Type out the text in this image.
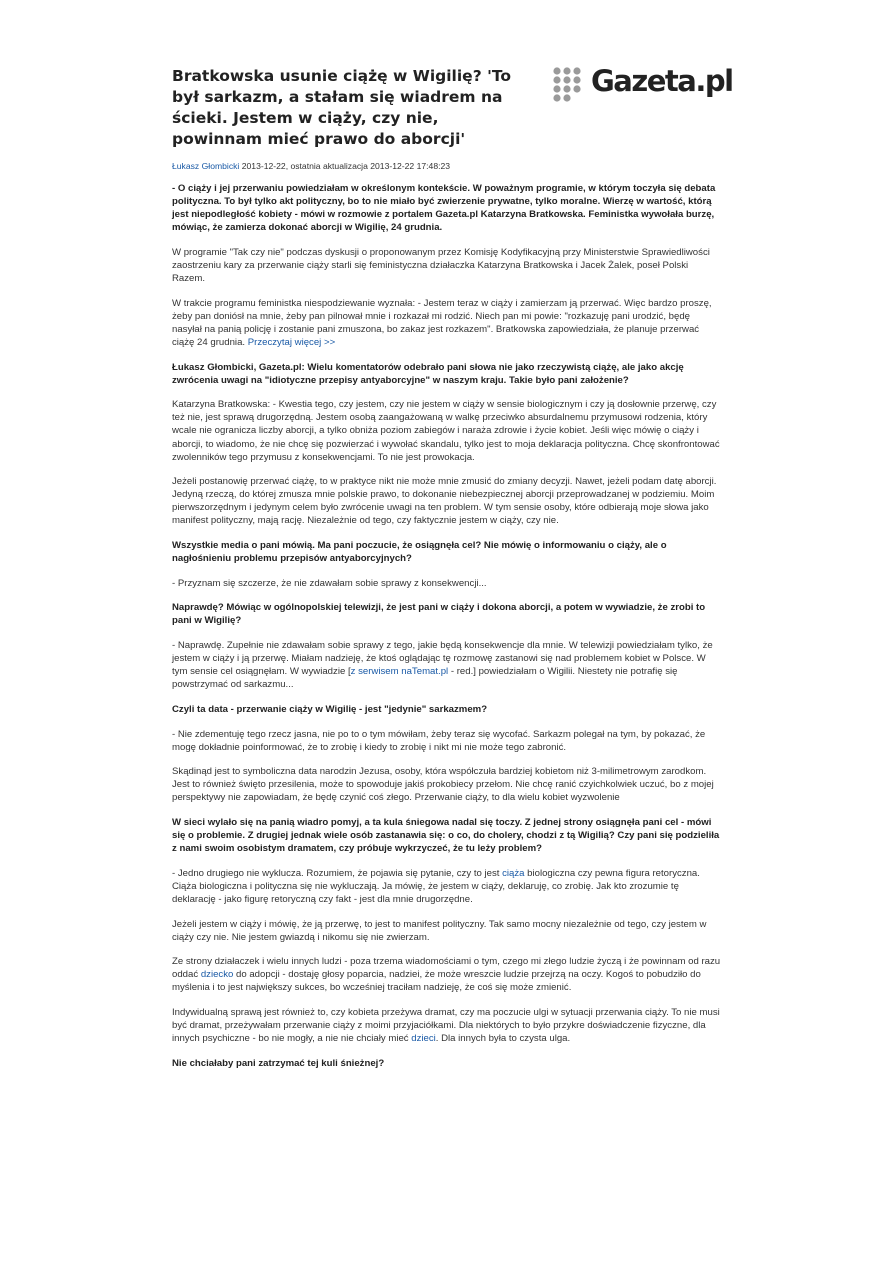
Bratkowska usunie ciążę w Wigilię? 'To był sarkazm, a stałam się wiadrem na ścieki. Jestem w ciąży, czy nie, powinnam mieć prawo do aborcji'
Gazeta.pl
Łukasz Głombicki 2013-12-22, ostatnia aktualizacja 2013-12-22 17:48:23

- O ciąży i jej przerwaniu powiedziałam w określonym kontekście. W poważnym programie, w którym toczyła się debata polityczna. To był tylko akt polityczny, bo to nie miało być zwierzenie prywatne, tylko moralne. Wierzę w wartość, którą jest niepodległość kobiety - mówi w rozmowie z portalem Gazeta.pl Katarzyna Bratkowska. Feministka wywołała burzę, mówiąc, że zamierza dokonać aborcji w Wigilię, 24 grudnia.

W programie "Tak czy nie" podczas dyskusji o proponowanym przez Komisję Kodyfikacyjną przy Ministerstwie Sprawiedliwości zaostrzeniu kary za przerwanie ciąży starli się feministyczna działaczka Katarzyna Bratkowska i Jacek Żalek, poseł Polski Razem.

W trakcie programu feministka niespodziewanie wyznała: - Jestem teraz w ciąży i zamierzam ją przerwać. Więc bardzo proszę, żeby pan doniósł na mnie, żeby pan pilnował mnie i rozkazał mi rodzić. Niech pan mi powie: "rozkazuję pani urodzić, będę nasyłał na panią policję i zostanie pani zmuszona, bo zakaz jest rozkazem". Bratkowska zapowiedziała, że planuje przerwać ciążę 24 grudnia. Przeczytaj więcej >>

Łukasz Głombicki, Gazeta.pl: Wielu komentatorów odebrało pani słowa nie jako rzeczywistą ciążę, ale jako akcję zwrócenia uwagi na "idiotyczne przepisy antyaborcyjne" w naszym kraju. Takie było pani założenie?

Katarzyna Bratkowska: - Kwestia tego, czy jestem, czy nie jestem w ciąży w sensie biologicznym i czy ją dosłownie przerwę, czy też nie, jest sprawą drugorzędną. Jestem osobą zaangażowaną w walkę przeciwko absurdalnemu przymusowi rodzenia, który wcale nie ogranicza liczby aborcji, a tylko obniża poziom zabiegów i naraża zdrowie i życie kobiet. Jeśli więc mówię o ciąży i aborcji, to wiadomo, że nie chcę się pozwierzać i wywołać skandalu, tylko jest to moja deklaracja polityczna. Chcę skonfrontować zwolenników tego przymusu z konsekwencjami. To nie jest prowokacja.

Jeżeli postanowię przerwać ciążę, to w praktyce nikt nie może mnie zmusić do zmiany decyzji. Nawet, jeżeli podam datę aborcji. Jedyną rzeczą, do której zmusza mnie polskie prawo, to dokonanie niebezpiecznej aborcji przeprowadzanej w podziemiu. Moim pierwszorzędnym i jedynym celem było zwrócenie uwagi na ten problem. W tym sensie osoby, które odbierają moje słowa jako manifest polityczny, mają rację. Niezależnie od tego, czy faktycznie jestem w ciąży, czy nie.

Wszystkie media o pani mówią. Ma pani poczucie, że osiągnęła cel? Nie mówię o informowaniu o ciąży, ale o nagłośnieniu problemu przepisów antyaborcyjnych?

- Przyznam się szczerze, że nie zdawałam sobie sprawy z konsekwencji...

Naprawdę? Mówiąc w ogólnopolskiej telewizji, że jest pani w ciąży i dokona aborcji, a potem w wywiadzie, że zrobi to pani w Wigilię?

- Naprawdę. Zupełnie nie zdawałam sobie sprawy z tego, jakie będą konsekwencje dla mnie. W telewizji powiedziałam tylko, że jestem w ciąży i ją przerwę. Miałam nadzieję, że ktoś oglądając tę rozmowę zastanowi się nad problemem kobiet w Polsce. W tym sensie cel osiągnęłam. W wywiadzie [z serwisem naTemat.pl - red.] powiedziałam o Wigilii. Niestety nie potrafię się powstrzymać od sarkazmu...

Czyli ta data - przerwanie ciąży w Wigilię - jest "jedynie" sarkazmem?

- Nie zdementuję tego rzecz jasna, nie po to o tym mówiłam, żeby teraz się wycofać. Sarkazm polegał na tym, by pokazać, że mogę dokładnie poinformować, że to zrobię i kiedy to zrobię i nikt mi nie może tego zabronić.

Skądinąd jest to symboliczna data narodzin Jezusa, osoby, która współczuła bardziej kobietom niż 3-milimetrowym zarodkom. Jest to również święto przesilenia, może to spowoduje jakiś prokobiecy przełom. Nie chcę ranić czyichkolwiek uczuć, bo z mojej perspektywy nie zapowiadam, że będę czynić coś złego. Przerwanie ciąży, to dla wielu kobiet wyzwolenie

W sieci wylało się na panią wiadro pomyj, a ta kula śniegowa nadal się toczy. Z jednej strony osiągnęła pani cel - mówi się o problemie. Z drugiej jednak wiele osób zastanawia się: o co, do cholery, chodzi z tą Wigilią? Czy pani się podzieliła z nami swoim osobistym dramatem, czy próbuje wykrzyczeć, że tu leży problem?

- Jedno drugiego nie wyklucza. Rozumiem, że pojawia się pytanie, czy to jest ciąża biologiczna czy pewna figura retoryczna. Ciąża biologiczna i polityczna się nie wykluczają. Ja mówię, że jestem w ciąży, deklaruję, co zrobię. Jak kto zrozumie tę deklarację - jako figurę retoryczną czy fakt - jest dla mnie drugorzędne.

Jeżeli jestem w ciąży i mówię, że ją przerwę, to jest to manifest polityczny. Tak samo mocny niezależnie od tego, czy jestem w ciąży czy nie. Nie jestem gwiazdą i nikomu się nie zwierzam.

Ze strony działaczek i wielu innych ludzi - poza trzema wiadomościami o tym, czego mi złego ludzie życzą i że powinnam od razu oddać dziecko do adopcji - dostaję głosy poparcia, nadziei, że może wreszcie ludzie przejrzą na oczy. Kogoś to pobudziło do myślenia i to jest największy sukces, bo wcześniej traciłam nadzieję, że coś się może zmienić.

Indywidualną sprawą jest również to, czy kobieta przeżywa dramat, czy ma poczucie ulgi w sytuacji przerwania ciąży. To nie musi być dramat, przeżywałam przerwanie ciąży z moimi przyjaciółkami. Dla niektórych to było przykre doświadczenie fizyczne, dla innych psychiczne - bo nie mogły, a nie nie chciały mieć dzieci. Dla innych była to czysta ulga.

Nie chciałaby pani zatrzymać tej kuli śnieżnej?
